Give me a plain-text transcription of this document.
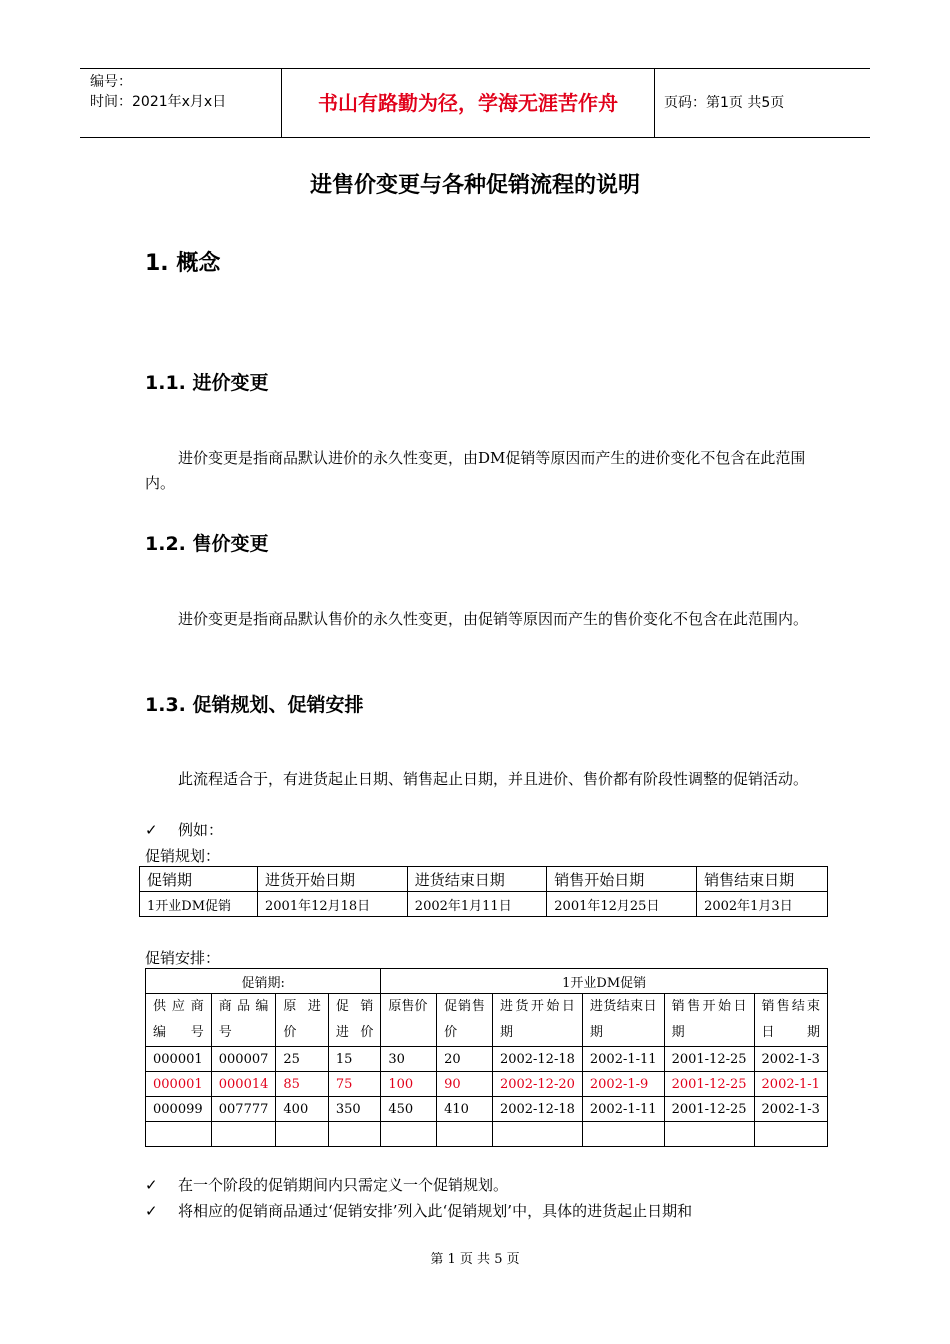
编号：
时间：2021年x月x日	书山有路勤为径，学海无涯苦作舟	页码：第1页 共5页
进售价变更与各种促销流程的说明
1. 概念
1.1. 进价变更
进价变更是指商品默认进价的永久性变更，由DM促销等原因而产生的进价变化不包含在此范围内。
1.2. 售价变更
进价变更是指商品默认售价的永久性变更，由促销等原因而产生的售价变化不包含在此范围内。
1.3. 促销规划、促销安排
此流程适合于，有进货起止日期、销售起止日期，并且进价、售价都有阶段性调整的促销活动。
✓ 例如：
促销规划：
促销期	进货开始日期	进货结束日期	销售开始日期	销售结束日期
1开业DM促销	2001年12月18日	2002年1月11日	2001年12月25日	2002年1月3日
促销安排：
促销期:				1开业DM促销					
供应商编号	商品编号	原进价	促销进价	原售价	促销售价	进货开始日期	进货结束日期	销售开始日期	销售结束日期
000001	000007	25	15	30	20	2002-12-18	2002-1-11	2001-12-25	2002-1-3
000001	000014	85	75	100	90	2002-12-20	2002-1-9	2001-12-25	2002-1-1
000099	007777	400	350	450	410	2002-12-18	2002-1-11	2001-12-25	2002-1-3

✓ 在一个阶段的促销期间内只需定义一个促销规划。
✓ 将相应的促销商品通过‘促销安排’列入此‘促销规划’中，具体的进货起止日期和
第 1 页 共 5 页
